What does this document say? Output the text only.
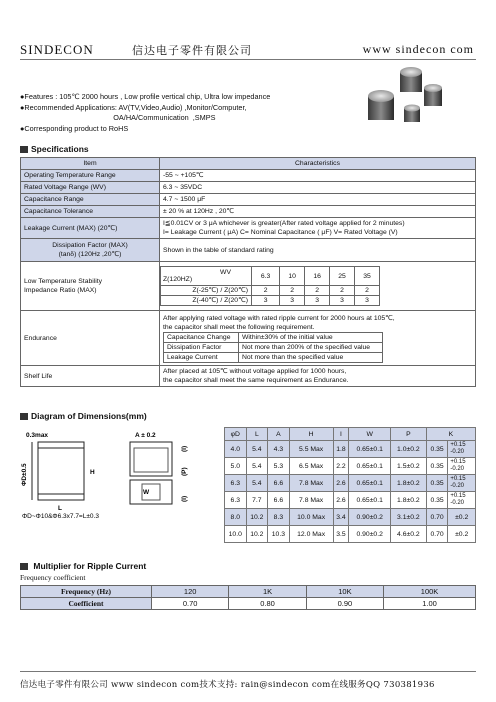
SINDECON	信达电子零件有限公司	www sindecon com
●Features : 105℃ 2000 hours , Low profile vertical chip, Ultra low impedance
●Recommended Applications: AV(TV,Video,Audio) ,Monitor/Computer,
OA/HA/Communication  ,SMPS
●Corresponding product to RoHS
Specifications
Item	Characteristics
Operating Temperature Range	-55 ~ +105℃
Rated Voltage Range (WV)	6.3 ~ 35VDC
Capacitance Range	4.7 ~ 1500 μF
Capacitance Tolerance	± 20 % at 120Hz , 20℃
Leakage Current (MAX) (20℃)	
I≦0.01CV or 3 μA whichever is greater(After rated voltage applied for 2 minutes)
I= Leakage Current ( μA) C= Nominal Capacitance ( μF) V= Rated Voltage (V)

Dissipation Factor (MAX)
(tanδ) (120Hz ,20℃)
	Shown in the table of standard rating

Low Temperature Stability
Impedance Ratio (MAX)

WV
Z(120HZ)	6.3	10	16	25	35
Z(-25℃) / Z(20℃)	2	2	2	2	2
Z(-40℃) / Z(20℃)	3	3	3	3	3

Endurance	
After applying rated voltage with rated ripple current for 2000 hours at 105℃,
the capacitor shall meet the following requirement.
Capacitance Change	Within±30% of the initial value
Dissipation Factor	Not more than 200% of the specified value
Leakage Current	Not more than the specified value

Shelf Life	
After placed at 105℃ without voltage applied for 1000 hours,
the capacitor shall meet the same requirement as Endurance.
Diagram of Dimensions(mm)
0.3max	A ± 0.2
ΦD±0.5	H
L
W
(P)
(I)
(I)
ΦD~Φ10&Φ6.3x7.7=L±0.3
φD	L	A	H	I	W	P	K	
4.0	5.4	4.3	5.5 Max	1.8	0.65±0.1	1.0±0.2	0.35	+0.15
-0.20

5.0	5.4	5.3	6.5 Max	2.2	0.65±0.1	1.5±0.2	0.35	+0.15
-0.20

6.3	5.4	6.6	7.8 Max	2.6	0.65±0.1	1.8±0.2	0.35	+0.15
-0.20

6.3	7.7	6.6	7.8 Max	2.6	0.65±0.1	1.8±0.2	0.35	+0.15
-0.20

8.0	10.2	8.3	10.0 Max	3.4	0.90±0.2	3.1±0.2	0.70	±0.2
10.0	10.2	10.3	12.0 Max	3.5	0.90±0.2	4.6±0.2	0.70	±0.2
Multiplier for Ripple Current
Frequency coefficient
Frequency (Hz)	120	1K	10K	100K
Coefficient	0.70	0.80	0.90	1.00
信达电子零件有限公司 www sindecon com技术支持: rain@sindecon com在线服务QQ 730381936
